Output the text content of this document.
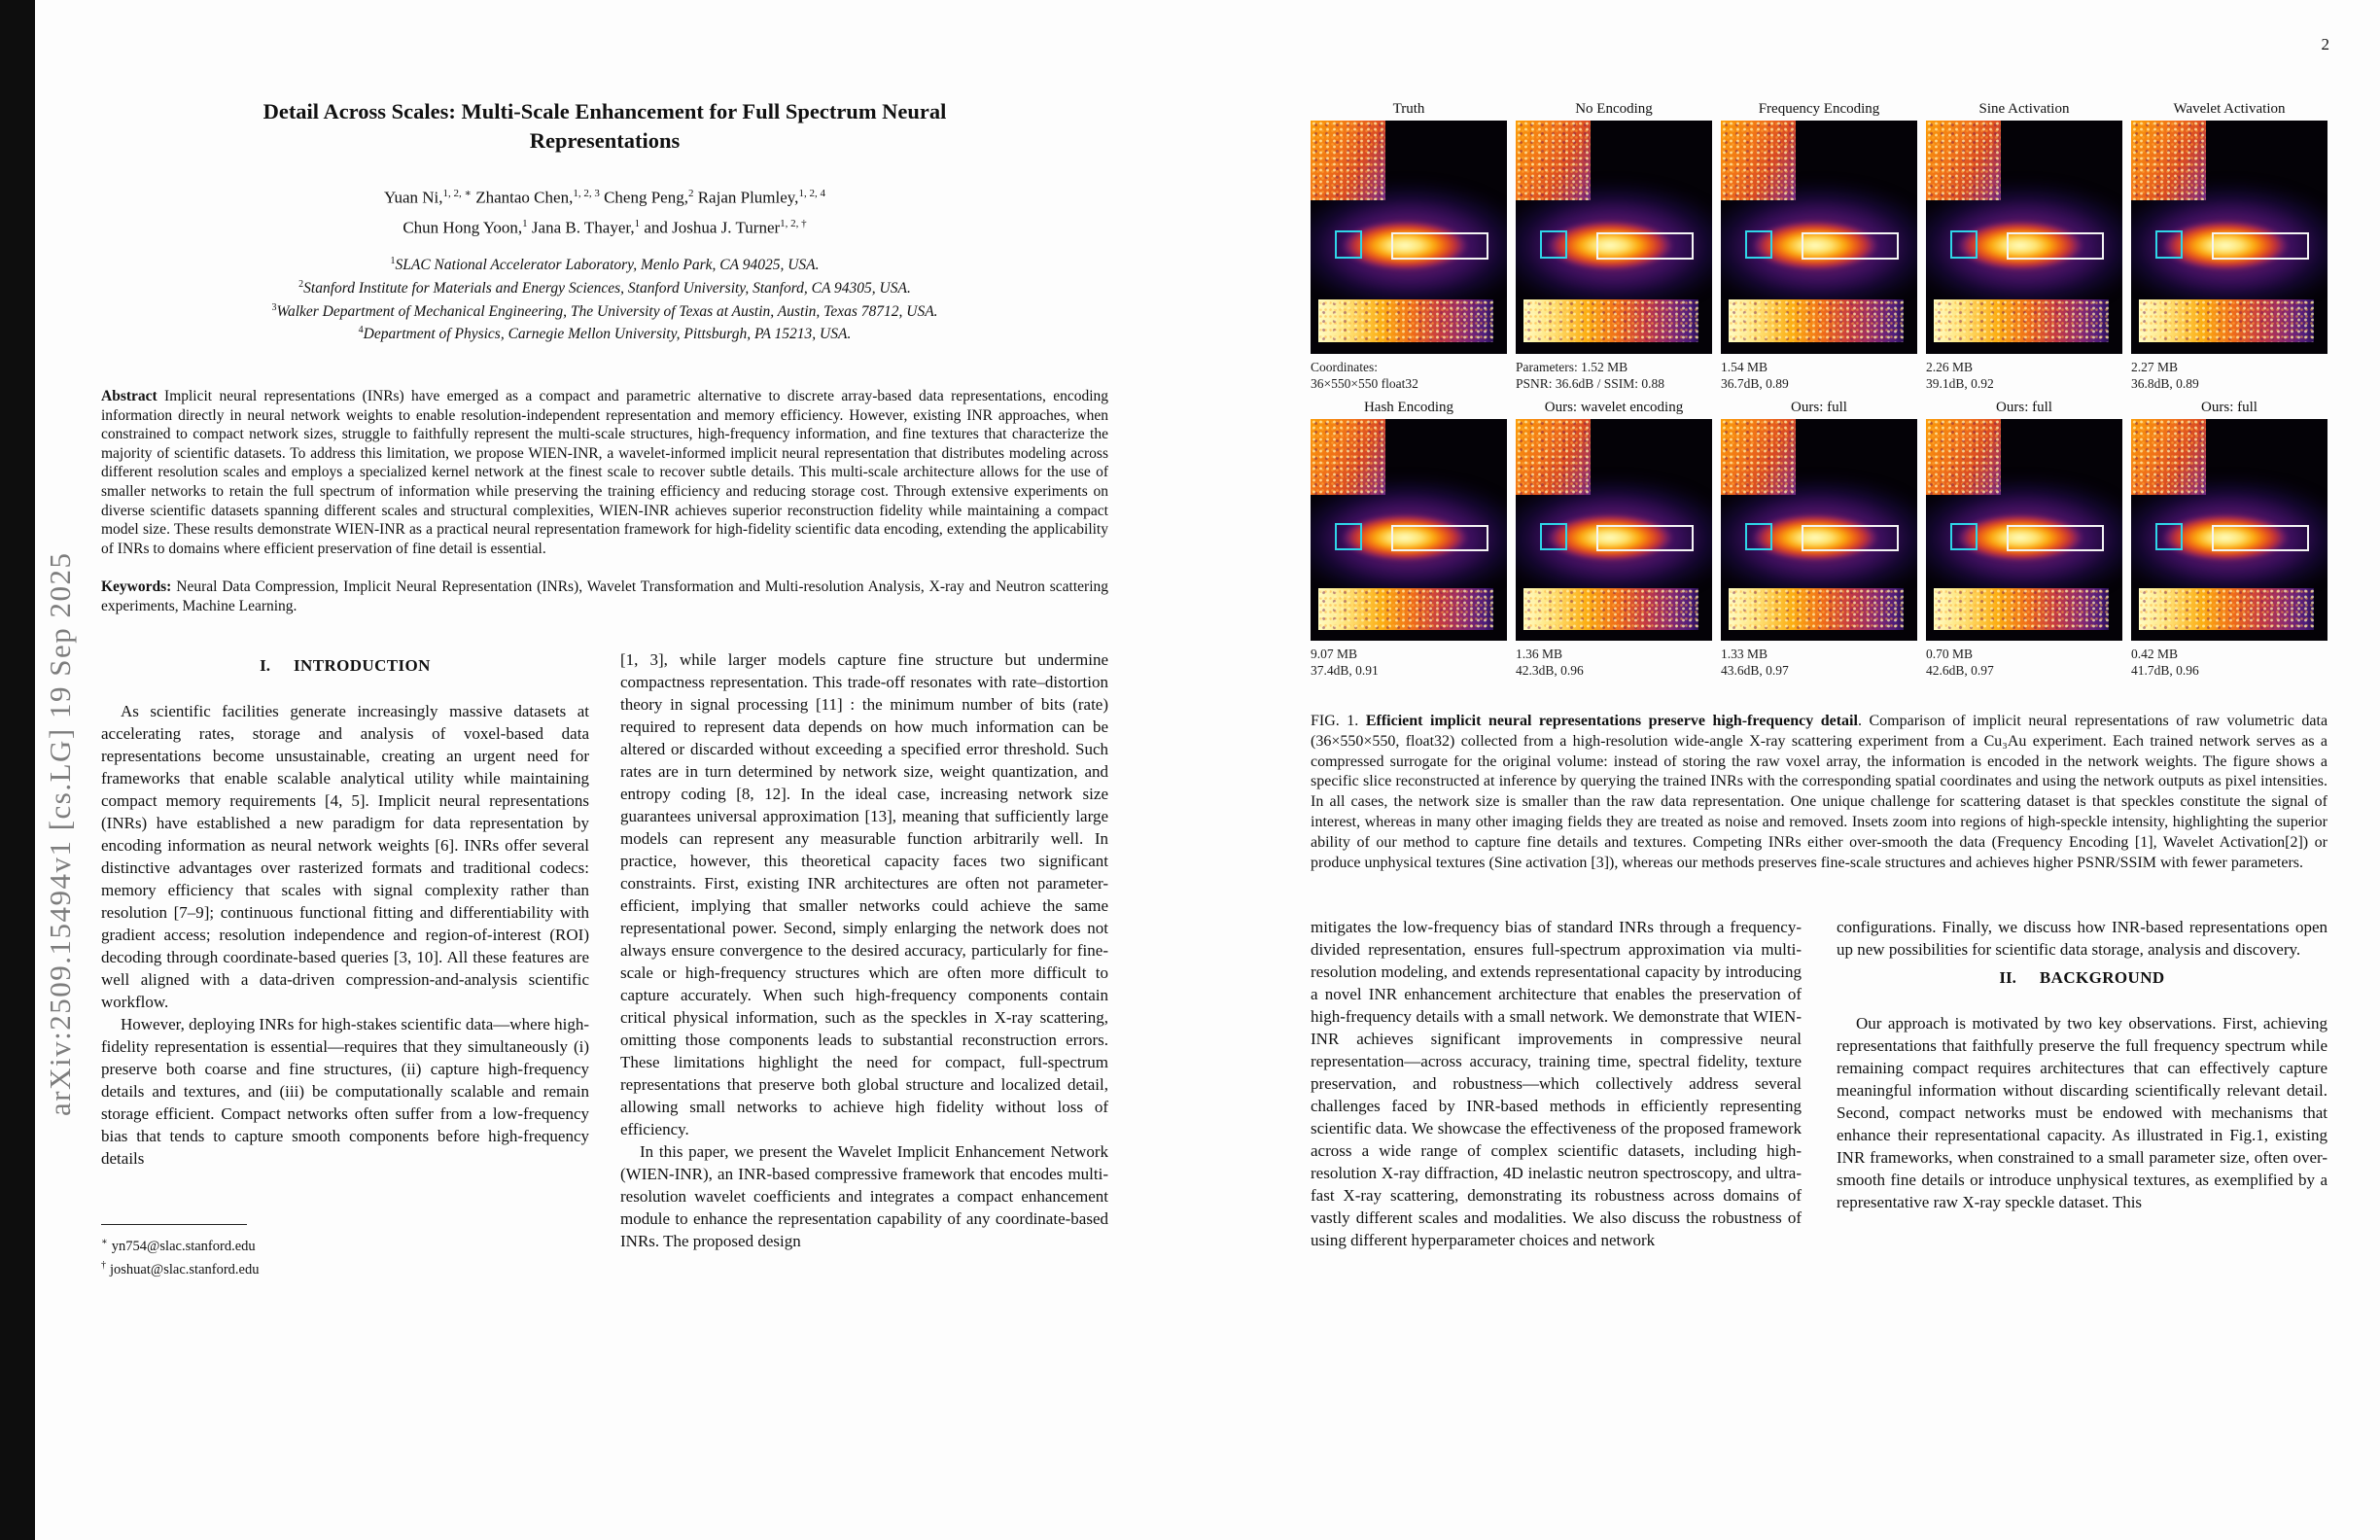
arXiv:2509.15494v1 [cs.LG] 19 Sep 2025
2
Detail Across Scales: Multi-Scale Enhancement for Full Spectrum Neural
Representations
Yuan Ni,$^{1, 2, ∗}$ Zhantao Chen,$^{1, 2, 3}$ Cheng Peng,$^2$ Rajan Plumley,$^{1, 2, 4}$
Chun Hong Yoon,$^1$ Jana B. Thayer,$^1$ and Joshua J. Turner$^{1, 2, \dagger}$
$^1$SLAC National Accelerator Laboratory, Menlo Park, CA 94025, USA.
$^2$Stanford Institute for Materials and Energy Sciences, Stanford University, Stanford, CA 94305, USA.
$^3$Walker Department of Mechanical Engineering, The University of Texas at Austin, Austin, Texas 78712, USA.
$^4$Department of Physics, Carnegie Mellon University, Pittsburgh, PA 15213, USA.

Abstract Implicit neural representations (INRs) have emerged as a compact and parametric alternative to discrete array-based data representations, encoding information directly in neural network weights to enable resolution-independent representation and memory efficiency. However, existing INR approaches, when constrained to compact network sizes, struggle to faithfully represent the multi-scale structures, high-frequency information, and fine textures that characterize the majority of scientific datasets. To address this limitation, we propose WIEN-INR, a wavelet-informed implicit neural representation that distributes modeling across different resolution scales and employs a specialized kernel network at the finest scale to recover subtle details. This multi-scale architecture allows for the use of smaller networks to retain the full spectrum of information while preserving the training efficiency and reducing storage cost. Through extensive experiments on diverse scientific datasets spanning different scales and structural complexities, WIEN-INR achieves superior reconstruction fidelity while maintaining a compact model size. These results demonstrate WIEN-INR as a practical neural representation framework for high-fidelity scientific data encoding, extending the applicability of INRs to domains where efficient preservation of fine detail is essential.

Keywords: Neural Data Compression, Implicit Neural Representation (INRs), Wavelet Transformation and Multi-resolution Analysis, X-ray and Neutron scattering experiments, Machine Learning.

I. INTRODUCTION

As scientific facilities generate increasingly massive datasets at accelerating rates, storage and analysis of voxel-based data representations become unsustainable, creating an urgent need for frameworks that enable scalable analytical utility while maintaining compact memory requirements [4, 5]. Implicit neural representations (INRs) have established a new paradigm for data representation by encoding information as neural network weights [6]. INRs offer several distinctive advantages over rasterized formats and traditional codecs: memory efficiency that scales with signal complexity rather than resolution [7–9]; continuous functional fitting and differentiability with gradient access; resolution independence and region-of-interest (ROI) decoding through coordinate-based queries [3, 10]. All these features are well aligned with a data-driven compression-and-analysis scientific workflow.

However, deploying INRs for high-stakes scientific data—where high-fidelity representation is essential—requires that they simultaneously (i) preserve both coarse and fine structures, (ii) capture high-frequency details and textures, and (iii) be computationally scalable and remain storage efficient. Compact networks often suffer from a low-frequency bias that tends to capture smooth components before high-frequency details

∗ yn754@slac.stanford.edu
† joshuat@slac.stanford.edu

[1, 3], while larger models capture fine structure but undermine compactness representation. This trade-off resonates with rate–distortion theory in signal processing [11] : the minimum number of bits (rate) required to represent data depends on how much information can be altered or discarded without exceeding a specified error threshold. Such rates are in turn determined by network size, weight quantization, and entropy coding [8, 12]. In the ideal case, increasing network size guarantees universal approximation [13], meaning that sufficiently large models can represent any measurable function arbitrarily well. In practice, however, this theoretical capacity faces two significant constraints. First, existing INR architectures are often not parameter-efficient, implying that smaller networks could achieve the same representational power. Second, simply enlarging the network does not always ensure convergence to the desired accuracy, particularly for fine-scale or high-frequency structures which are often more difficult to capture accurately. When such high-frequency components contain critical physical information, such as the speckles in X-ray scattering, omitting those components leads to substantial reconstruction errors. These limitations highlight the need for compact, full-spectrum representations that preserve both global structure and localized detail, allowing small networks to achieve high fidelity without loss of efficiency.

In this paper, we present the Wavelet Implicit Enhancement Network (WIEN-INR), an INR-based compressive framework that encodes multi-resolution wavelet coefficients and integrates a compact enhancement module to enhance the representation capability of any coordinate-based INRs. The proposed design

Truth
Coordinates:
36×550×550 float32
No Encoding
Parameters: 1.52 MB
PSNR: 36.6dB / SSIM: 0.88
Frequency Encoding
1.54 MB
36.7dB, 0.89
Sine Activation
2.26 MB
39.1dB, 0.92
Wavelet Activation
2.27 MB
36.8dB, 0.89
Hash Encoding
9.07 MB
37.4dB, 0.91
Ours: wavelet encoding
1.36 MB
42.3dB, 0.96
Ours: full
1.33 MB
43.6dB, 0.97
Ours: full
0.70 MB
42.6dB, 0.97
Ours: full
0.42 MB
41.7dB, 0.96

FIG. 1. Efficient implicit neural representations preserve high-frequency detail. Comparison of implicit neural representations of raw volumetric data (36×550×550, float32) collected from a high-resolution wide-angle X-ray scattering experiment from a Cu₃Au experiment. Each trained network serves as a compressed surrogate for the original volume: instead of storing the raw voxel array, the information is encoded in the network weights. The figure shows a specific slice reconstructed at inference by querying the trained INRs with the corresponding spatial coordinates and using the network outputs as pixel intensities. In all cases, the network size is smaller than the raw data representation. One unique challenge for scattering dataset is that speckles constitute the signal of interest, whereas in many other imaging fields they are treated as noise and removed. Insets zoom into regions of high-speckle intensity, highlighting the superior ability of our method to capture fine details and textures. Competing INRs either over-smooth the data (Frequency Encoding [1], Wavelet Activation[2]) or produce unphysical textures (Sine activation [3]), whereas our methods preserves fine-scale structures and achieves higher PSNR/SSIM with fewer parameters.

mitigates the low-frequency bias of standard INRs through a frequency-divided representation, ensures full-spectrum approximation via multi-resolution modeling, and extends representational capacity by introducing a novel INR enhancement architecture that enables the preservation of high-frequency details with a small network. We demonstrate that WIEN-INR achieves significant improvements in compressive neural representation—across accuracy, training time, spectral fidelity, texture preservation, and robustness—which collectively address several challenges faced by INR-based methods in efficiently representing scientific data. We showcase the effectiveness of the proposed framework across a wide range of complex scientific datasets, including high-resolution X-ray diffraction, 4D inelastic neutron spectroscopy, and ultra-fast X-ray scattering, demonstrating its robustness across domains of vastly different scales and modalities. We also discuss the robustness of using different hyperparameter choices and network

configurations. Finally, we discuss how INR-based representations open up new possibilities for scientific data storage, analysis and discovery.

II. BACKGROUND

Our approach is motivated by two key observations. First, achieving representations that faithfully preserve the full frequency spectrum while remaining compact requires architectures that can effectively capture meaningful information without discarding scientifically relevant detail. Second, compact networks must be endowed with mechanisms that enhance their representational capacity. As illustrated in Fig.1, existing INR frameworks, when constrained to a small parameter size, often over-smooth fine details or introduce unphysical textures, as exemplified by a representative raw X-ray speckle dataset. This
